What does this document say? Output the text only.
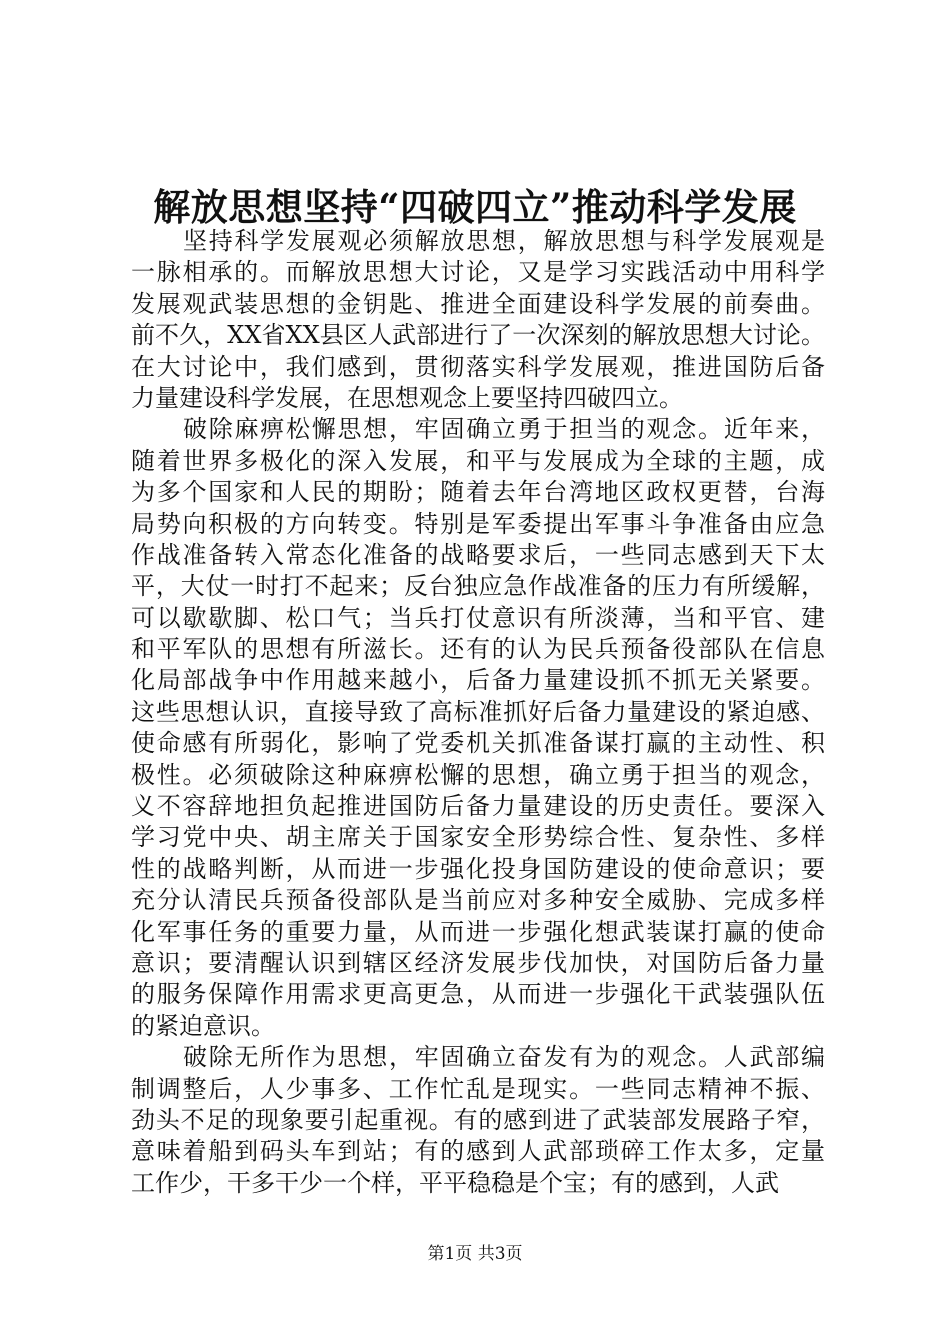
解放思想坚持“四破四立”推动科学发展
坚持科学发展观必须解放思想，解放思想与科学发展观是
一脉相承的。而解放思想大讨论，又是学习实践活动中用科学
发展观武装思想的金钥匙、推进全面建设科学发展的前奏曲。
前不久，XX省XX县区人武部进行了一次深刻的解放思想大讨论。
在大讨论中，我们感到，贯彻落实科学发展观，推进国防后备
力量建设科学发展，在思想观念上要坚持四破四立。
破除麻痹松懈思想，牢固确立勇于担当的观念。近年来，
随着世界多极化的深入发展，和平与发展成为全球的主题，成
为多个国家和人民的期盼；随着去年台湾地区政权更替，台海
局势向积极的方向转变。特别是军委提出军事斗争准备由应急
作战准备转入常态化准备的战略要求后，一些同志感到天下太
平，大仗一时打不起来；反台独应急作战准备的压力有所缓解，
可以歇歇脚、松口气；当兵打仗意识有所淡薄，当和平官、建
和平军队的思想有所滋长。还有的认为民兵预备役部队在信息
化局部战争中作用越来越小，后备力量建设抓不抓无关紧要。
这些思想认识，直接导致了高标准抓好后备力量建设的紧迫感、
使命感有所弱化，影响了党委机关抓准备谋打赢的主动性、积
极性。必须破除这种麻痹松懈的思想，确立勇于担当的观念，
义不容辞地担负起推进国防后备力量建设的历史责任。要深入
学习党中央、胡主席关于国家安全形势综合性、复杂性、多样
性的战略判断，从而进一步强化投身国防建设的使命意识；要
充分认清民兵预备役部队是当前应对多种安全威胁、完成多样
化军事任务的重要力量，从而进一步强化想武装谋打赢的使命
意识；要清醒认识到辖区经济发展步伐加快，对国防后备力量
的服务保障作用需求更高更急，从而进一步强化干武装强队伍
的紧迫意识。
破除无所作为思想，牢固确立奋发有为的观念。人武部编
制调整后，人少事多、工作忙乱是现实。一些同志精神不振、
劲头不足的现象要引起重视。有的感到进了武装部发展路子窄，
意味着船到码头车到站；有的感到人武部琐碎工作太多，定量
工作少，干多干少一个样，平平稳稳是个宝；有的感到，人武
第1页 共3页
